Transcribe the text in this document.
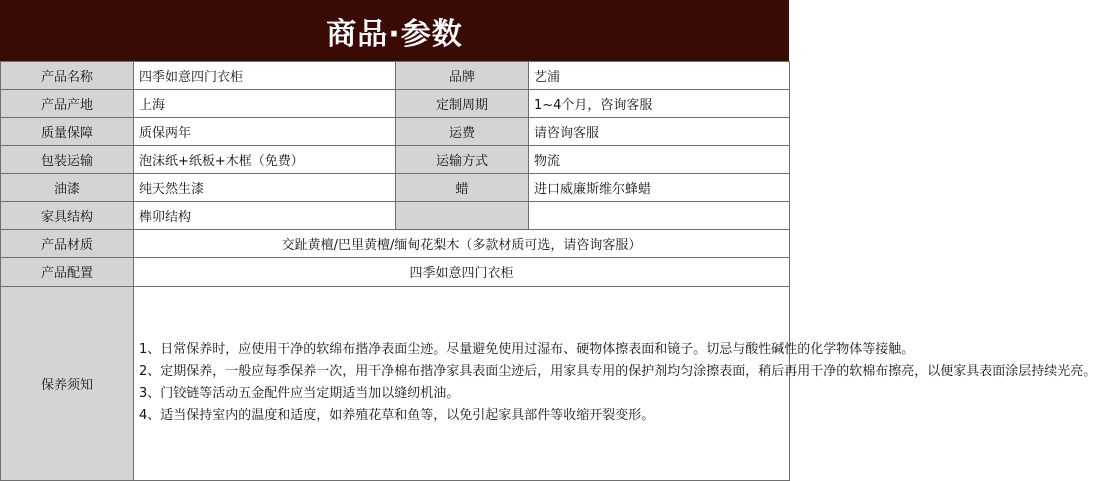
商品·参数
产品名称	四季如意四门衣柜	品牌	艺浦
产品产地	上海	定制周期	1~4个月，咨询客服
质量保障	质保两年	运费	请咨询客服
包装运输	泡沫纸+纸板+木框（免费）	运输方式	物流
油漆	纯天然生漆	蜡	进口威廉斯维尔蜂蜡
家具结构	榫卯结构		
产品材质	交趾黄檀/巴里黄檀/缅甸花梨木（多款材质可选，请咨询客服）		
产品配置	四季如意四门衣柜		
保养须知	1、日常保养时，应使用干净的软绵布揩净表面尘迹。尽量避免使用过湿布、硬物体擦表面和镜子。切忌与酸性碱性的化学物体等接触。
2、定期保养，一般应每季保养一次，用干净棉布揩净家具表面尘迹后，用家具专用的保护剂均匀涂擦表面，稍后再用干净的软棉布擦亮，以便家具表面涂层持续光亮。
3、门铰链等活动五金配件应当定期适当加以缝纫机油。
4、适当保持室内的温度和适度，如养殖花草和鱼等，以免引起家具部件等收缩开裂变形。		
